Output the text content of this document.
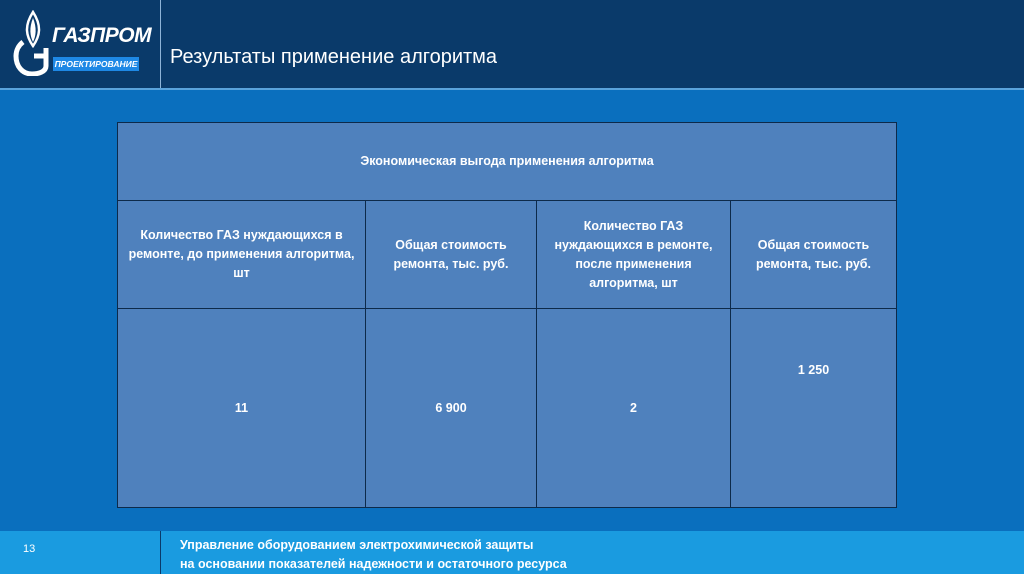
ГАЗПРОМ
ПРОЕКТИРОВАНИЕ Результаты применение алгоритма
Экономическая выгода применения алгоритма			
Количество ГАЗ нуждающихся в ремонте, до применения алгоритма, шт	Общая стоимость ремонта, тыс. руб.	Количество ГАЗ нуждающихся в ремонте, после применения алгоритма, шт	Общая стоимость ремонта, тыс. руб.
11	6 900	2	1 250
13	Управление оборудованием электрохимической защиты
на основании показателей надежности и остаточного ресурса
